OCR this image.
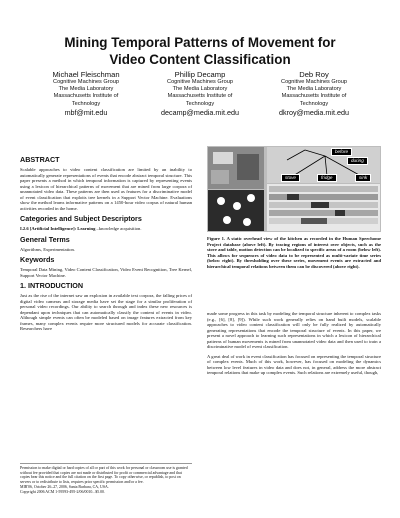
Mining Temporal Patterns of Movement for
Video Content Classification
Michael Fleischman
Cognitive Machines Group
The Media Laboratory
Massachusetts Institute of
Technology
mbf@mit.edu
Phillip Decamp
Cognitive Machines Group
The Media Laboratory
Massachusetts Institute of
Technology
decamp@media.mit.edu
Deb Roy
Cognitive Machines Group
The Media Laboratory
Massachusetts Institute of
Technology
dkroy@media.mit.edu
ABSTRACT

Scalable approaches to video content classification are limited by an inability to automatically generate representations of events that encode abstract temporal structure. This paper presents a method in which temporal information is captured by representing events using a lexicon of hierarchical patterns of movement that are mined from large corpora of unannotated video data. These patterns are then used as features for a discriminative model of event classification that exploits tree kernels in a Support Vector Machine. Evaluations show the method learns informative patterns on a 1450-hour video corpus of natural human activities recorded in the home.

Categories and Subject Descriptors

I.2.6 [Artificial Intelligence]: Learning –knowledge acquisition.

General Terms

Algorithms, Experimentation.

Keywords

Temporal Data Mining, Video Content Classification, Video Event Recognition, Tree Kernel, Support Vector Machine.

1. INTRODUCTION

Just as the rise of the internet saw an explosion in available text corpora, the falling prices of digital video cameras and storage media have set the stage for a similar proliferation of personal video recordings. Our ability to search through and index these new resources is dependant upon techniques that can automatically classify the content of events in video. Although simple events can often be modeled based on image features extracted from key frames, many complex events require more structured models for accurate classification. Researchers have

before
during
stove	fridge	sink
Figure 1. A static overhead view of the kitchen as recorded in the Human Speechome Project database (above left). By tracing regions of interest over objects, such as the stove and table, motion detection can be localized to specific areas of a room (below left). This allows for sequences of video data to be represented as multi-variate time series (below right). By thresholding over these series, movement events are extracted and hierarchical temporal relations between them can be discovered (above right).

made some progress in this task by modeling the temporal structure inherent to complex tasks (e.g., [6], [8], [9]). While such work generally relies on hand built models, scalable approaches to video content classification will only be fully realized by automatically generating representations that encode the temporal structure of events. In this paper, we present a novel approach to learning such representations in which a lexicon of hierarchical patterns of human movements is mined from unannotated video data and then used to train a discriminative model of event classification.

A great deal of work in event classification has focused on representing the temporal structure of complex events. Much of this work, however, has focused on modeling the dynamics between low level features in video data and does not, in general, address the more abstract temporal relations that make up complex events. Such relations are extremely useful, though,

Permission to make digital or hard copies of all or part of this work for personal or classroom use is granted without fee provided that copies are not made or distributed for profit or commercial advantage and that copies bear this notice and the full citation on the first page. To copy otherwise, or republish, to post on servers or to redistribute to lists, requires prior specific permission and/or a fee.
MIR'06, October 26–27, 2006, Santa Barbara, CA, USA.
Copyright 2006 ACM 1-59593-495-2/06/0010...$5.00.
